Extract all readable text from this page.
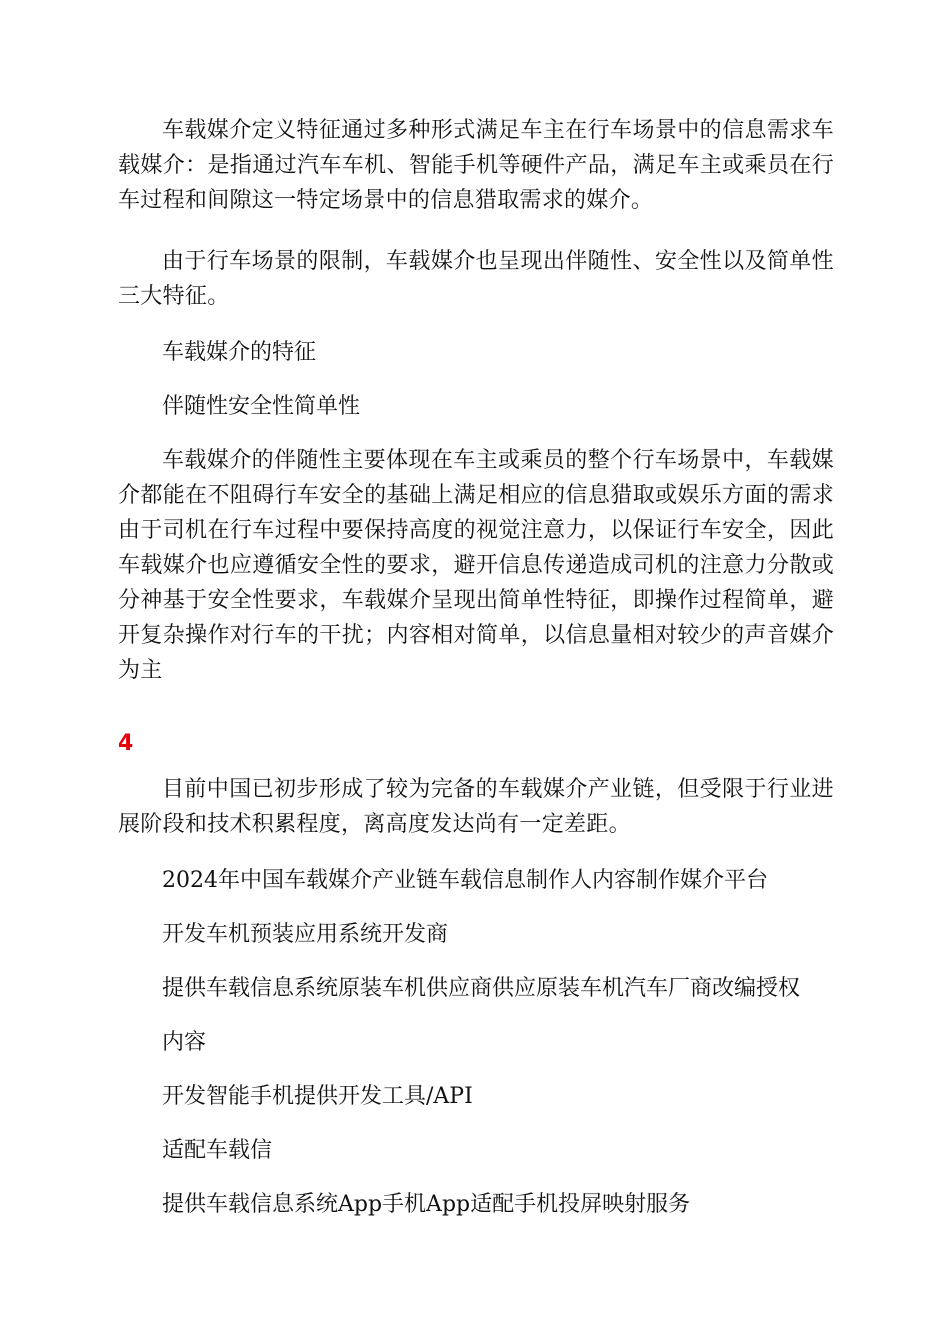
车载媒介定义特征通过多种形式满足车主在行车场景中的信息需求车载媒介：是指通过汽车车机、智能手机等硬件产品，满足车主或乘员在行车过程和间隙这一特定场景中的信息猎取需求的媒介。

由于行车场景的限制，车载媒介也呈现出伴随性、安全性以及简单性三大特征。

车载媒介的特征

伴随性安全性简单性

车载媒介的伴随性主要体现在车主或乘员的整个行车场景中，车载媒介都能在不阻碍行车安全的基础上满足相应的信息猎取或娱乐方面的需求由于司机在行车过程中要保持高度的视觉注意力，以保证行车安全，因此车载媒介也应遵循安全性的要求，避开信息传递造成司机的注意力分散或分神基于安全性要求，车载媒介呈现出简单性特征，即操作过程简单，避开复杂操作对行车的干扰；内容相对简单，以信息量相对较少的声音媒介为主

4

目前中国已初步形成了较为完备的车载媒介产业链，但受限于行业进展阶段和技术积累程度，离高度发达尚有一定差距。

2024年中国车载媒介产业链车载信息制作人内容制作媒介平台

开发车机预装应用系统开发商

提供车载信息系统原装车机供应商供应原装车机汽车厂商改编授权

内容

开发智能手机提供开发工具/API

适配车载信

提供车载信息系统App手机App适配手机投屏映射服务
